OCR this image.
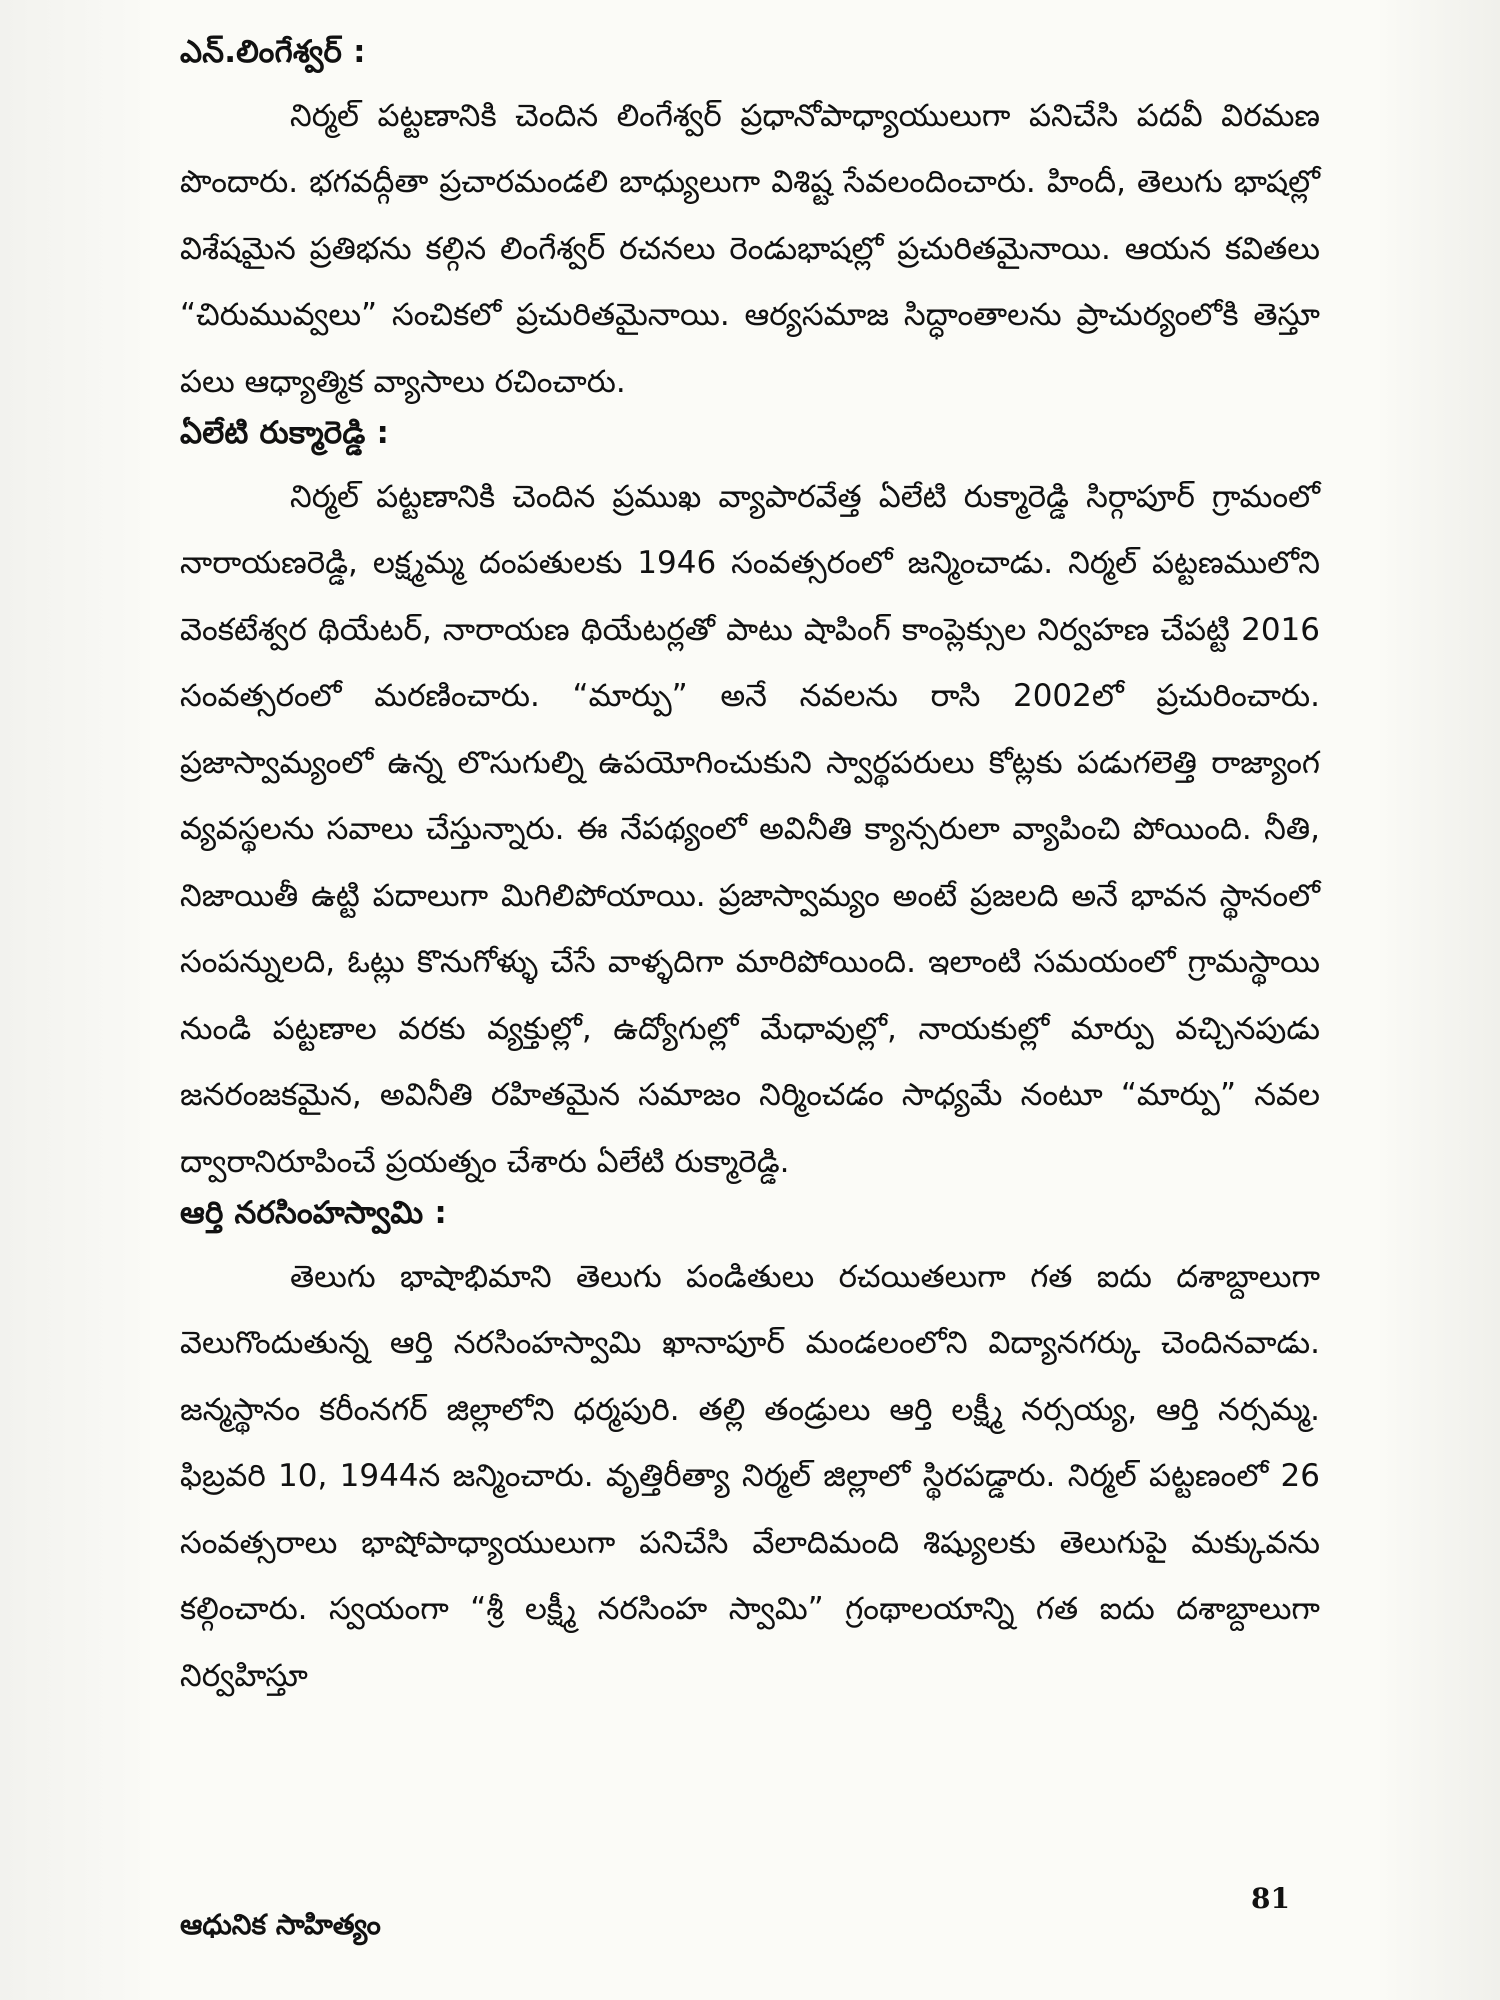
ఎన్.లింగేశ్వర్ :

నిర్మల్ పట్టణానికి చెందిన లింగేశ్వర్ ప్రధానోపాధ్యాయులుగా పనిచేసి పదవీ విరమణ పొందారు. భగవద్గీతా ప్రచారమండలి బాధ్యులుగా విశిష్ట సేవలందించారు. హిందీ, తెలుగు భాషల్లో విశేషమైన ప్రతిభను కల్గిన లింగేశ్వర్ రచనలు రెండుభాషల్లో ప్రచురితమైనాయి. ఆయన కవితలు “చిరుమువ్వలు” సంచికలో ప్రచురితమైనాయి. ఆర్యసమాజ సిద్ధాంతాలను ప్రాచుర్యంలోకి తెస్తూ పలు ఆధ్యాత్మిక వ్యాసాలు రచించారు.

ఏలేటి రుక్మారెడ్డి :

నిర్మల్ పట్టణానికి చెందిన ప్రముఖ వ్యాపారవేత్త ఏలేటి రుక్మారెడ్డి సిర్గాపూర్ గ్రామంలో నారాయణరెడ్డి, లక్ష్మమ్మ దంపతులకు 1946 సంవత్సరంలో జన్మించాడు. నిర్మల్ పట్టణములోని వెంకటేశ్వర థియేటర్, నారాయణ థియేటర్లతో పాటు షాపింగ్ కాంప్లెక్సుల నిర్వహణ చేపట్టి 2016 సంవత్సరంలో మరణించారు. “మార్పు” అనే నవలను రాసి 2002లో ప్రచురించారు. ప్రజాస్వామ్యంలో ఉన్న లొసుగుల్ని ఉపయోగించుకుని స్వార్థపరులు కోట్లకు పడుగలెత్తి రాజ్యాంగ వ్యవస్థలను సవాలు చేస్తున్నారు. ఈ నేపథ్యంలో అవినీతి క్యాన్సరులా వ్యాపించి పోయింది. నీతి, నిజాయితీ ఉట్టి పదాలుగా మిగిలిపోయాయి. ప్రజాస్వామ్యం అంటే ప్రజలది అనే భావన స్థానంలో సంపన్నులది, ఓట్లు కొనుగోళ్ళు చేసే వాళ్ళదిగా మారిపోయింది. ఇలాంటి సమయంలో గ్రామస్థాయి నుండి పట్టణాల వరకు వ్యక్తుల్లో, ఉద్యోగుల్లో మేధావుల్లో, నాయకుల్లో మార్పు వచ్చినపుడు జనరంజకమైన, అవినీతి రహితమైన సమాజం నిర్మించడం సాధ్యమే నంటూ “మార్పు” నవల ద్వారానిరూపించే ప్రయత్నం చేశారు ఏలేటి రుక్మారెడ్డి.

ఆర్తి నరసింహస్వామి :

తెలుగు భాషాభిమాని తెలుగు పండితులు రచయితలుగా గత ఐదు దశాబ్దాలుగా వెలుగొందుతున్న ఆర్తి నరసింహస్వామి ఖానాపూర్ మండలంలోని విద్యానగర్కు చెందినవాడు. జన్మస్థానం కరీంనగర్ జిల్లాలోని ధర్మపురి. తల్లి తండ్రులు ఆర్తి లక్ష్మీ నర్సయ్య, ఆర్తి నర్సమ్మ. ఫిబ్రవరి 10, 1944న జన్మించారు. వృత్తిరీత్యా నిర్మల్ జిల్లాలో స్థిరపడ్డారు. నిర్మల్ పట్టణంలో 26 సంవత్సరాలు భాషోపాధ్యాయులుగా పనిచేసి వేలాదిమంది శిష్యులకు తెలుగుపై మక్కువను కల్గించారు. స్వయంగా “శ్రీ లక్ష్మీ నరసింహ స్వామి” గ్రంథాలయాన్ని గత ఐదు దశాబ్దాలుగా నిర్వహిస్తూ

ఆధునిక సాహిత్యం
81
